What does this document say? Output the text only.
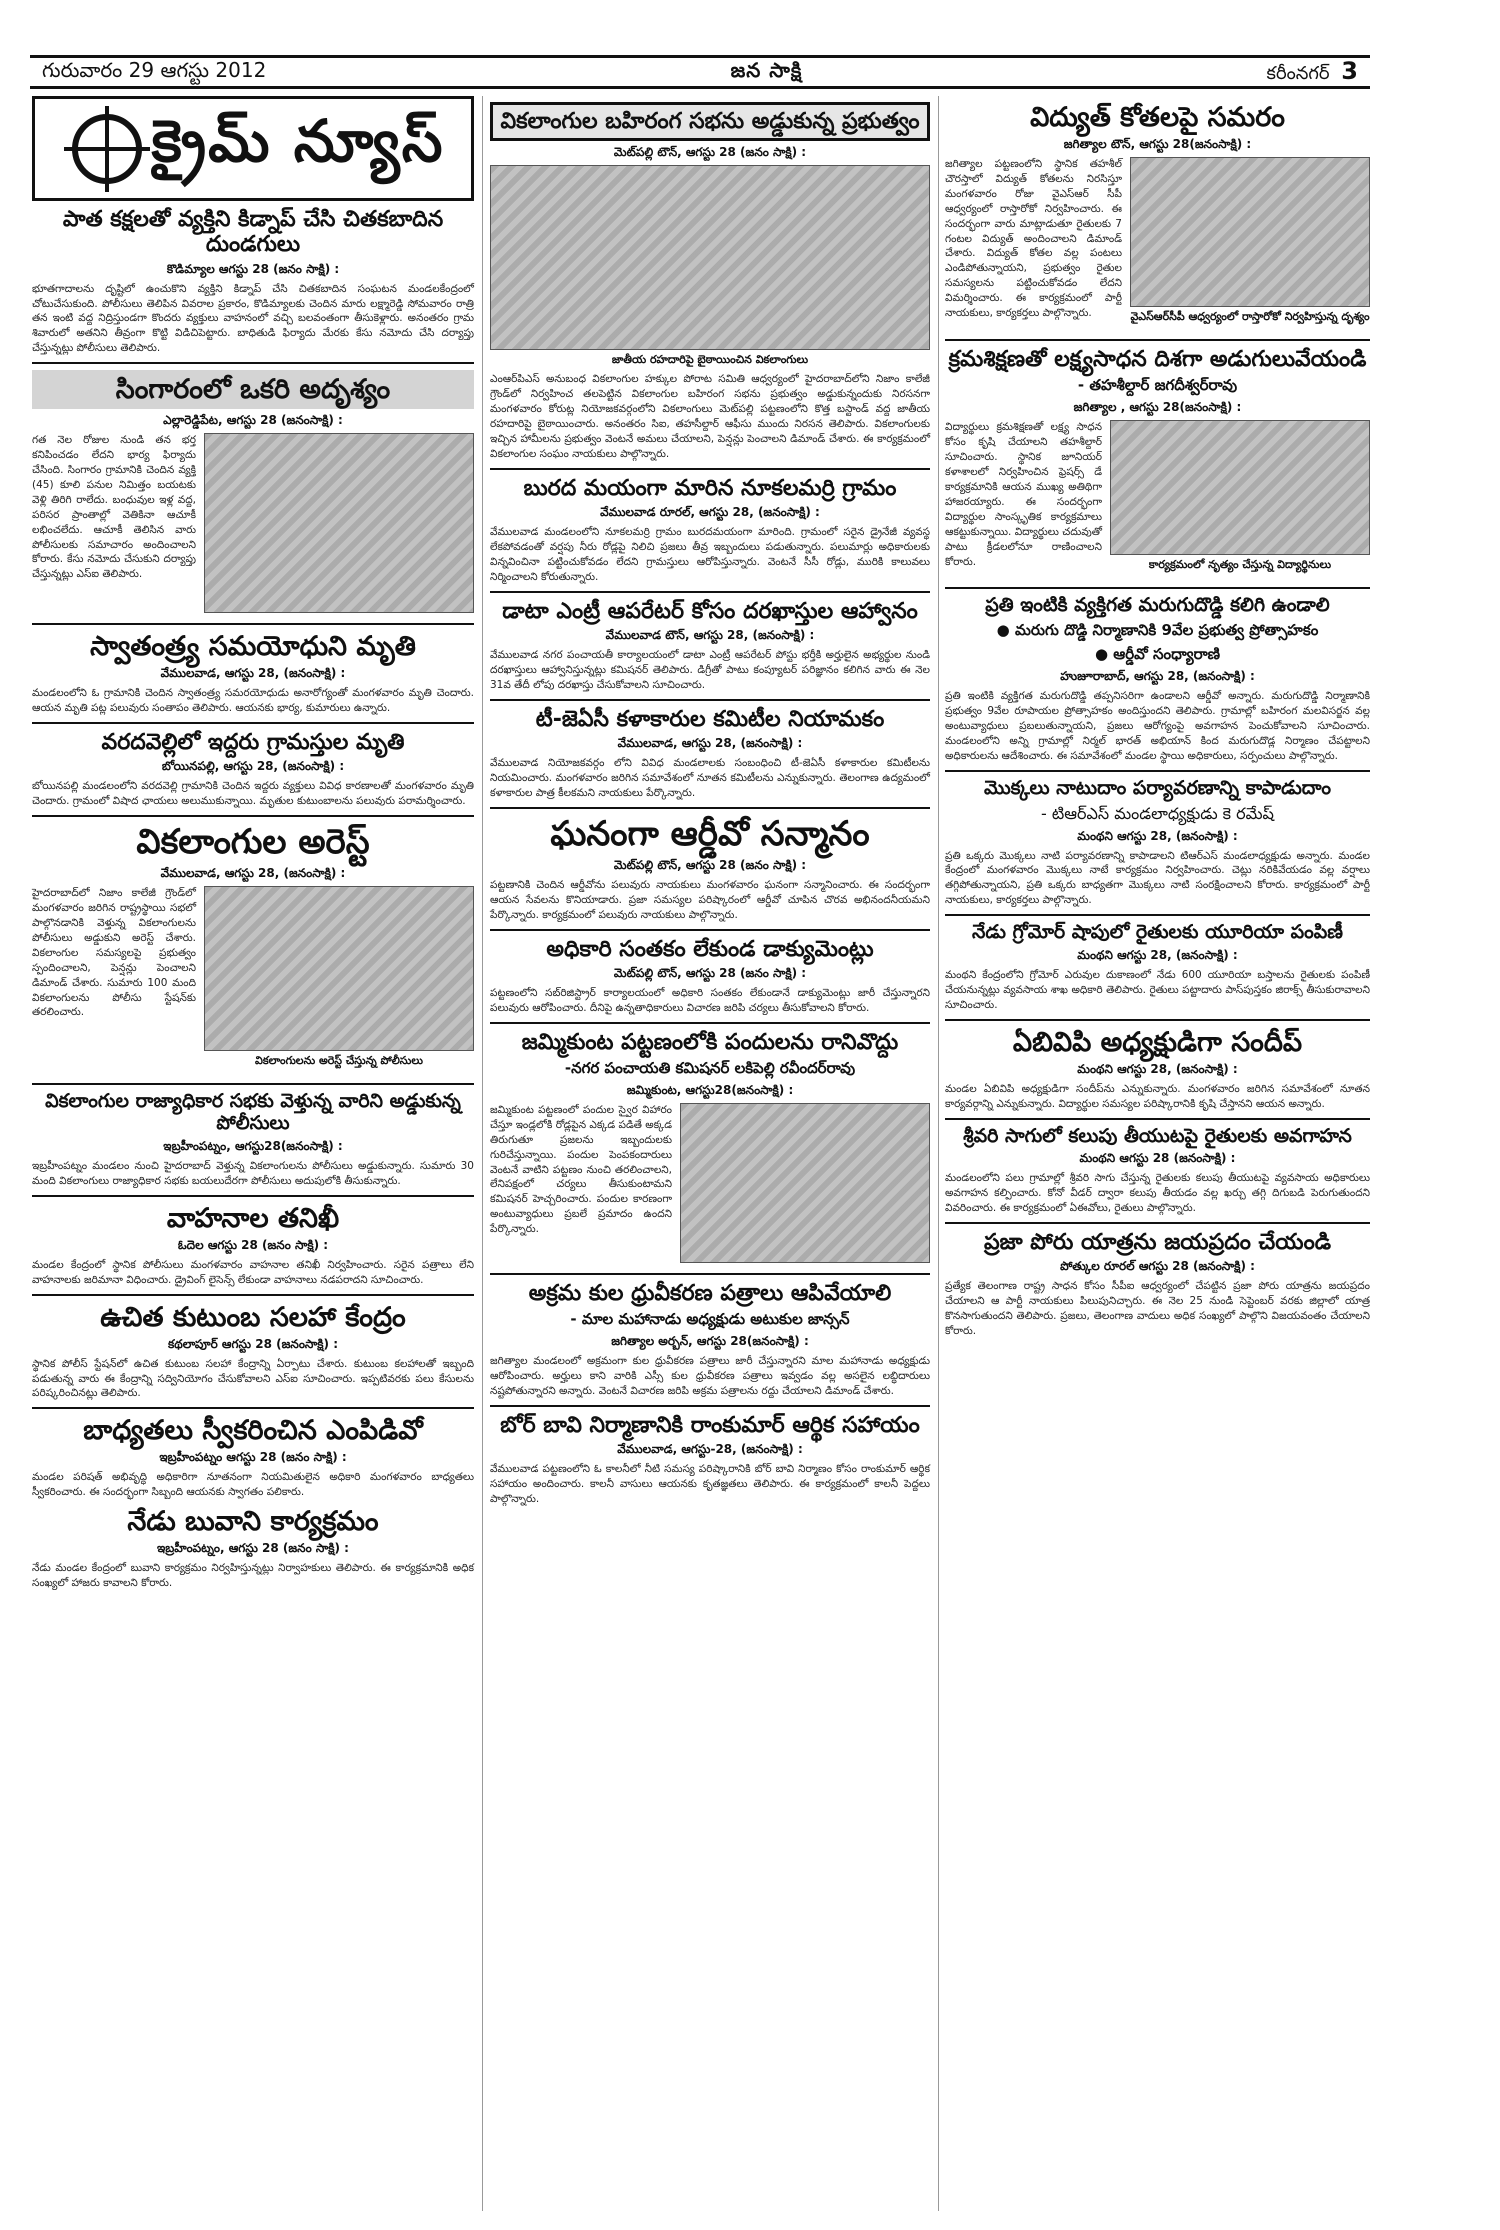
గురువారం 29 ఆగస్టు 2012	జన సాక్షి	కరీంనగర్ 3
క్రైమ్ న్యూస్
పాత కక్షలతో వ్యక్తిని కిడ్నాప్ చేసి చితకబాదిన దుండగులు
కొడిమ్యాల ఆగస్టు 28 (జనం సాక్షి) :

భూతగాదాలను దృష్టిలో ఉంచుకొని వ్యక్తిని కిడ్నాప్ చేసి చితకబాదిన సంఘటన మండలకేంద్రంలో చోటుచేసుకుంది. పోలీసులు తెలిపిన వివరాల ప్రకారం, కొడిమ్యాలకు చెందిన మారు లక్ష్మారెడ్డి సోమవారం రాత్రి తన ఇంటి వద్ద నిద్రిస్తుండగా కొందరు వ్యక్తులు వాహనంలో వచ్చి బలవంతంగా తీసుకెళ్లారు. అనంతరం గ్రామ శివారులో అతనిని తీవ్రంగా కొట్టి విడిచిపెట్టారు. బాధితుడి ఫిర్యాదు మేరకు కేసు నమోదు చేసి దర్యాప్తు చేస్తున్నట్లు పోలీసులు తెలిపారు.

సింగారంలో ఒకరి అదృశ్యం
ఎల్లారెడ్డిపేట, ఆగస్టు 28 (జనంసాక్షి) :

గత నెల రోజుల నుండి తన భర్త కనిపించడం లేదని భార్య ఫిర్యాదు చేసింది. సింగారం గ్రామానికి చెందిన వ్యక్తి (45) కూలి పనుల నిమిత్తం బయటకు వెళ్లి తిరిగి రాలేదు. బంధువుల ఇళ్ల వద్ద, పరిసర ప్రాంతాల్లో వెతికినా ఆచూకీ లభించలేదు. ఆచూకీ తెలిసిన వారు పోలీసులకు సమాచారం అందించాలని కోరారు. కేసు నమోదు చేసుకుని దర్యాప్తు చేస్తున్నట్లు ఎస్ఐ తెలిపారు.

స్వాతంత్ర్య సమయోధుని మృతి
వేములవాడ, ఆగస్టు 28, (జనంసాక్షి) :

మండలంలోని ఓ గ్రామానికి చెందిన స్వాతంత్ర్య సమరయోధుడు అనారోగ్యంతో మంగళవారం మృతి చెందారు. ఆయన మృతి పట్ల పలువురు సంతాపం తెలిపారు. ఆయనకు భార్య, కుమారులు ఉన్నారు.

వరదవెల్లిలో ఇద్దరు గ్రామస్తుల మృతి
బోయినపల్లి, ఆగస్టు 28, (జనంసాక్షి) :

బోయినపల్లి మండలంలోని వరదవెల్లి గ్రామానికి చెందిన ఇద్దరు వ్యక్తులు వివిధ కారణాలతో మంగళవారం మృతి చెందారు. గ్రామంలో విషాద ఛాయలు అలుముకున్నాయి. మృతుల కుటుంబాలను పలువురు పరామర్శించారు.

వికలాంగుల అరెస్ట్
వేములవాడ, ఆగస్టు 28, (జనంసాక్షి) :
వికలాంగులను అరెస్ట్ చేస్తున్న పోలీసులు

హైదరాబాద్‌లో నిజాం కాలేజీ గ్రౌండ్‌లో మంగళవారం జరిగిన రాష్ట్రస్థాయి సభలో పాల్గొనడానికి వెళ్తున్న వికలాంగులను పోలీసులు అడ్డుకుని అరెస్ట్ చేశారు. వికలాంగుల సమస్యలపై ప్రభుత్వం స్పందించాలని, పెన్షన్లు పెంచాలని డిమాండ్ చేశారు. సుమారు 100 మంది వికలాంగులను పోలీసు స్టేషన్‌కు తరలించారు.

వికలాంగుల రాజ్యాధికార సభకు వెళ్తున్న వారిని అడ్డుకున్న పోలీసులు
ఇబ్రహీంపట్నం, ఆగస్టు28(జనంసాక్షి) :

ఇబ్రహీంపట్నం మండలం నుంచి హైదరాబాద్ వెళ్తున్న వికలాంగులను పోలీసులు అడ్డుకున్నారు. సుమారు 30 మంది వికలాంగులు రాజ్యాధికార సభకు బయలుదేరగా పోలీసులు అదుపులోకి తీసుకున్నారు.

వాహనాల తనిఖీ
ఓదెల ఆగస్టు 28 (జనం సాక్షి) :

మండల కేంద్రంలో స్థానిక పోలీసులు మంగళవారం వాహనాల తనిఖీ నిర్వహించారు. సరైన పత్రాలు లేని వాహనాలకు జరిమానా విధించారు. డ్రైవింగ్ లైసెన్స్ లేకుండా వాహనాలు నడపరాదని సూచించారు.

ఉచిత కుటుంబ సలహా కేంద్రం
కథలాపూర్ ఆగస్టు 28 (జనంసాక్షి) :

స్థానిక పోలీస్ స్టేషన్‌లో ఉచిత కుటుంబ సలహా కేంద్రాన్ని ఏర్పాటు చేశారు. కుటుంబ కలహాలతో ఇబ్బంది పడుతున్న వారు ఈ కేంద్రాన్ని సద్వినియోగం చేసుకోవాలని ఎస్ఐ సూచించారు. ఇప్పటివరకు పలు కేసులను పరిష్కరించినట్లు తెలిపారు.

బాధ్యతలు స్వీకరించిన ఎంపిడివో
ఇబ్రహీంపట్నం ఆగస్టు 28 (జనం సాక్షి) :

మండల పరిషత్ అభివృద్ధి అధికారిగా నూతనంగా నియమితులైన అధికారి మంగళవారం బాధ్యతలు స్వీకరించారు. ఈ సందర్భంగా సిబ్బంది ఆయనకు స్వాగతం పలికారు.

నేడు బువాని కార్యక్రమం
ఇబ్రహీంపట్నం, ఆగస్టు 28 (జనం సాక్షి) :

నేడు మండల కేంద్రంలో బువాని కార్యక్రమం నిర్వహిస్తున్నట్లు నిర్వాహకులు తెలిపారు. ఈ కార్యక్రమానికి అధిక సంఖ్యలో హాజరు కావాలని కోరారు.

వికలాంగుల బహిరంగ సభను అడ్డుకున్న ప్రభుత్వం
మెట్‌పల్లి టౌన్, ఆగస్టు 28 (జనం సాక్షి) :
జాతీయ రహదారిపై బైఠాయించిన వికలాంగులు

ఎంఆర్‌పిఎస్ అనుబంధ వికలాంగుల హక్కుల పోరాట సమితి ఆధ్వర్యంలో హైదరాబాద్‌లోని నిజాం కాలేజీ గ్రౌండ్‌లో నిర్వహించ తలపెట్టిన వికలాంగుల బహిరంగ సభను ప్రభుత్వం అడ్డుకున్నందుకు నిరసనగా మంగళవారం కోరుట్ల నియోజకవర్గంలోని వికలాంగులు మెట్‌పల్లి పట్టణంలోని కొత్త బస్టాండ్ వద్ద జాతీయ రహదారిపై బైఠాయించారు. అనంతరం సిఐ, తహసీల్దార్ ఆఫీసు ముందు నిరసన తెలిపారు. వికలాంగులకు ఇచ్చిన హామీలను ప్రభుత్వం వెంటనే అమలు చేయాలని, పెన్షన్లు పెంచాలని డిమాండ్ చేశారు. ఈ కార్యక్రమంలో వికలాంగుల సంఘం నాయకులు పాల్గొన్నారు.

బురద మయంగా మారిన నూకలమర్రి గ్రామం
వేములవాడ రూరల్, ఆగస్టు 28, (జనంసాక్షి) :

వేములవాడ మండలంలోని నూకలమర్రి గ్రామం బురదమయంగా మారింది. గ్రామంలో సరైన డ్రైనేజీ వ్యవస్థ లేకపోవడంతో వర్షపు నీరు రోడ్లపై నిలిచి ప్రజలు తీవ్ర ఇబ్బందులు పడుతున్నారు. పలుమార్లు అధికారులకు విన్నవించినా పట్టించుకోవడం లేదని గ్రామస్తులు ఆరోపిస్తున్నారు. వెంటనే సీసీ రోడ్లు, మురికి కాలువలు నిర్మించాలని కోరుతున్నారు.

డాటా ఎంట్రీ ఆపరేటర్ కోసం దరఖాస్తుల ఆహ్వానం
వేములవాడ టౌన్, ఆగస్టు 28, (జనంసాక్షి) :

వేములవాడ నగర పంచాయతీ కార్యాలయంలో డాటా ఎంట్రీ ఆపరేటర్ పోస్టు భర్తీకి అర్హులైన అభ్యర్థుల నుండి దరఖాస్తులు ఆహ్వానిస్తున్నట్లు కమిషనర్ తెలిపారు. డిగ్రీతో పాటు కంప్యూటర్ పరిజ్ఞానం కలిగిన వారు ఈ నెల 31వ తేదీ లోపు దరఖాస్తు చేసుకోవాలని సూచించారు.

టీ-జెఏసీ కళాకారుల కమిటీల నియామకం
వేములవాడ, ఆగస్టు 28, (జనంసాక్షి) :

వేములవాడ నియోజకవర్గం లోని వివిధ మండలాలకు సంబంధించి టీ-జెఏసీ కళాకారుల కమిటీలను నియమించారు. మంగళవారం జరిగిన సమావేశంలో నూతన కమిటీలను ఎన్నుకున్నారు. తెలంగాణ ఉద్యమంలో కళాకారుల పాత్ర కీలకమని నాయకులు పేర్కొన్నారు.

ఘనంగా ఆర్డీవో సన్మానం
మెట్‌పల్లి టౌన్, ఆగస్టు 28 (జనం సాక్షి) :

పట్టణానికి చెందిన ఆర్డీవోను పలువురు నాయకులు మంగళవారం ఘనంగా సన్మానించారు. ఈ సందర్భంగా ఆయన సేవలను కొనియాడారు. ప్రజా సమస్యల పరిష్కారంలో ఆర్డీవో చూపిన చొరవ అభినందనీయమని పేర్కొన్నారు. కార్యక్రమంలో పలువురు నాయకులు పాల్గొన్నారు.

అధికారి సంతకం లేకుండ డాక్యుమెంట్లు
మెట్‌పల్లి టౌన్, ఆగస్టు 28 (జనం సాక్షి) :

పట్టణంలోని సబ్‌రిజిస్ట్రార్ కార్యాలయంలో అధికారి సంతకం లేకుండానే డాక్యుమెంట్లు జారీ చేస్తున్నారని పలువురు ఆరోపించారు. దీనిపై ఉన్నతాధికారులు విచారణ జరిపి చర్యలు తీసుకోవాలని కోరారు.

జమ్మికుంట పట్టణంలోకి పందులను రానివొద్దు
-నగర పంచాయతి కమిషనర్ లకిపెల్లి రవీందర్‌రావు
జమ్మికుంట, ఆగస్టు28(జనంసాక్షి) :

జమ్మికుంట పట్టణంలో పందుల స్వైర విహారం చేస్తూ ఇండ్లలోకి రోడ్లపైన ఎక్కడ పడితే అక్కడ తిరుగుతూ ప్రజలను ఇబ్బందులకు గురిచేస్తున్నాయి. పందుల పెంపకందారులు వెంటనే వాటిని పట్టణం నుంచి తరలించాలని, లేనిపక్షంలో చర్యలు తీసుకుంటామని కమిషనర్ హెచ్చరించారు. పందుల కారణంగా అంటువ్యాధులు ప్రబలే ప్రమాదం ఉందని పేర్కొన్నారు.

అక్రమ కుల ధ్రువీకరణ పత్రాలు ఆపివేయాలి
- మాల మహానాడు అధ్యక్షుడు అటుకుల జాన్సన్
జగిత్యాల అర్బన్, ఆగస్టు 28(జనంసాక్షి) :

జగిత్యాల మండలంలో అక్రమంగా కుల ధ్రువీకరణ పత్రాలు జారీ చేస్తున్నారని మాల మహానాడు అధ్యక్షుడు ఆరోపించారు. అర్హులు కాని వారికి ఎస్సీ కుల ధ్రువీకరణ పత్రాలు ఇవ్వడం వల్ల అసలైన లబ్ధిదారులు నష్టపోతున్నారని అన్నారు. వెంటనే విచారణ జరిపి అక్రమ పత్రాలను రద్దు చేయాలని డిమాండ్ చేశారు.

బోర్ బావి నిర్మాణానికి రాంకుమార్ ఆర్థిక సహాయం
వేములవాడ, ఆగస్టు-28, (జనంసాక్షి) :

వేములవాడ పట్టణంలోని ఓ కాలనీలో నీటి సమస్య పరిష్కారానికి బోర్ బావి నిర్మాణం కోసం రాంకుమార్ ఆర్థిక సహాయం అందించారు. కాలనీ వాసులు ఆయనకు కృతజ్ఞతలు తెలిపారు. ఈ కార్యక్రమంలో కాలనీ పెద్దలు పాల్గొన్నారు.

విద్యుత్ కోతలపై సమరం
జగిత్యాల టౌన్, ఆగస్టు 28(జనంసాక్షి) :
వైఎస్‌ఆర్‌సీపీ ఆధ్వర్యంలో రాస్తారోకో నిర్వహిస్తున్న దృశ్యం

జగిత్యాల పట్టణంలోని స్థానిక తహశీల్ చౌరస్తాలో విద్యుత్ కోతలను నిరసిస్తూ మంగళవారం రోజు వైఎస్‌ఆర్ సీపీ ఆధ్వర్యంలో రాస్తారోకో నిర్వహించారు. ఈ సందర్భంగా వారు మాట్లాడుతూ రైతులకు 7 గంటల విద్యుత్ అందించాలని డిమాండ్ చేశారు. విద్యుత్ కోతల వల్ల పంటలు ఎండిపోతున్నాయని, ప్రభుత్వం రైతుల సమస్యలను పట్టించుకోవడం లేదని విమర్శించారు. ఈ కార్యక్రమంలో పార్టీ నాయకులు, కార్యకర్తలు పాల్గొన్నారు.

క్రమశిక్షణతో లక్ష్యసాధన దిశగా అడుగులువేయండి
- తహశీల్దార్ జగదీశ్వర్‌రావు
జగిత్యాల , ఆగస్టు 28(జనంసాక్షి) :
కార్యక్రమంలో నృత్యం చేస్తున్న విద్యార్థినులు

విద్యార్థులు క్రమశిక్షణతో లక్ష్య సాధన కోసం కృషి చేయాలని తహశీల్దార్ సూచించారు. స్థానిక జూనియర్ కళాశాలలో నిర్వహించిన ఫ్రెషర్స్ డే కార్యక్రమానికి ఆయన ముఖ్య అతిథిగా హాజరయ్యారు. ఈ సందర్భంగా విద్యార్థుల సాంస్కృతిక కార్యక్రమాలు ఆకట్టుకున్నాయి. విద్యార్థులు చదువుతో పాటు క్రీడలలోనూ రాణించాలని కోరారు.

ప్రతి ఇంటికి వ్యక్తిగత మరుగుదొడ్డి కలిగి ఉండాలి
● మరుగు దొడ్డి నిర్మాణానికి 9వేల ప్రభుత్వ ప్రోత్సాహకం
● ఆర్డీవో సంధ్యారాణి
హుజూరాబాద్, ఆగస్టు 28, (జనంసాక్షి) :

ప్రతి ఇంటికి వ్యక్తిగత మరుగుదొడ్డి తప్పనిసరిగా ఉండాలని ఆర్డీవో అన్నారు. మరుగుదొడ్డి నిర్మాణానికి ప్రభుత్వం 9వేల రూపాయల ప్రోత్సాహకం అందిస్తుందని తెలిపారు. గ్రామాల్లో బహిరంగ మలవిసర్జన వల్ల అంటువ్యాధులు ప్రబలుతున్నాయని, ప్రజలు ఆరోగ్యంపై అవగాహన పెంచుకోవాలని సూచించారు. మండలంలోని అన్ని గ్రామాల్లో నిర్మల్ భారత్ అభియాన్ కింద మరుగుదొడ్ల నిర్మాణం చేపట్టాలని అధికారులను ఆదేశించారు. ఈ సమావేశంలో మండల స్థాయి అధికారులు, సర్పంచులు పాల్గొన్నారు.

మొక్కలు నాటుదాం పర్యావరణాన్ని కాపాడుదాం
- టిఆర్ఎస్ మండలాధ్యక్షుడు కె రమేష్
మంథని ఆగస్టు 28, (జనంసాక్షి) :

ప్రతి ఒక్కరు మొక్కలు నాటి పర్యావరణాన్ని కాపాడాలని టిఆర్ఎస్ మండలాధ్యక్షుడు అన్నారు. మండల కేంద్రంలో మంగళవారం మొక్కలు నాటే కార్యక్రమం నిర్వహించారు. చెట్లు నరికివేయడం వల్ల వర్షాలు తగ్గిపోతున్నాయని, ప్రతి ఒక్కరు బాధ్యతగా మొక్కలు నాటి సంరక్షించాలని కోరారు. కార్యక్రమంలో పార్టీ నాయకులు, కార్యకర్తలు పాల్గొన్నారు.

నేడు గ్రోమోర్ షాపులో రైతులకు యూరియా పంపిణీ
మంథని ఆగస్టు 28, (జనంసాక్షి) :

మంథని కేంద్రంలోని గ్రోమోర్ ఎరువుల దుకాణంలో నేడు 600 యూరియా బస్తాలను రైతులకు పంపిణీ చేయనున్నట్లు వ్యవసాయ శాఖ అధికారి తెలిపారు. రైతులు పట్టాదారు పాస్‌పుస్తకం జిరాక్స్ తీసుకురావాలని సూచించారు.

ఏబివిపి అధ్యక్షుడిగా సందీప్
మంథని ఆగస్టు 28, (జనంసాక్షి) :

మండల ఏబివిపి అధ్యక్షుడిగా సందీప్‌ను ఎన్నుకున్నారు. మంగళవారం జరిగిన సమావేశంలో నూతన కార్యవర్గాన్ని ఎన్నుకున్నారు. విద్యార్థుల సమస్యల పరిష్కారానికి కృషి చేస్తానని ఆయన అన్నారు.

శ్రీవరి సాగులో కలుపు తీయుటపై రైతులకు అవగాహన
మంథని ఆగస్టు 28 (జనంసాక్షి) :

మండలంలోని పలు గ్రామాల్లో శ్రీవరి సాగు చేస్తున్న రైతులకు కలుపు తీయుటపై వ్యవసాయ అధికారులు అవగాహన కల్పించారు. కోనో వీడర్ ద్వారా కలుపు తీయడం వల్ల ఖర్చు తగ్గి దిగుబడి పెరుగుతుందని వివరించారు. ఈ కార్యక్రమంలో ఏఈవోలు, రైతులు పాల్గొన్నారు.

ప్రజా పోరు యాత్రను జయప్రదం చేయండి
పోత్కుల రూరల్ ఆగస్టు 28 (జనంసాక్షి) :

ప్రత్యేక తెలంగాణ రాష్ట్ర సాధన కోసం సీపీఐ ఆధ్వర్యంలో చేపట్టిన ప్రజా పోరు యాత్రను జయప్రదం చేయాలని ఆ పార్టీ నాయకులు పిలుపునిచ్చారు. ఈ నెల 25 నుండి సెప్టెంబర్ వరకు జిల్లాలో యాత్ర కొనసాగుతుందని తెలిపారు. ప్రజలు, తెలంగాణ వాదులు అధిక సంఖ్యలో పాల్గొని విజయవంతం చేయాలని కోరారు.
